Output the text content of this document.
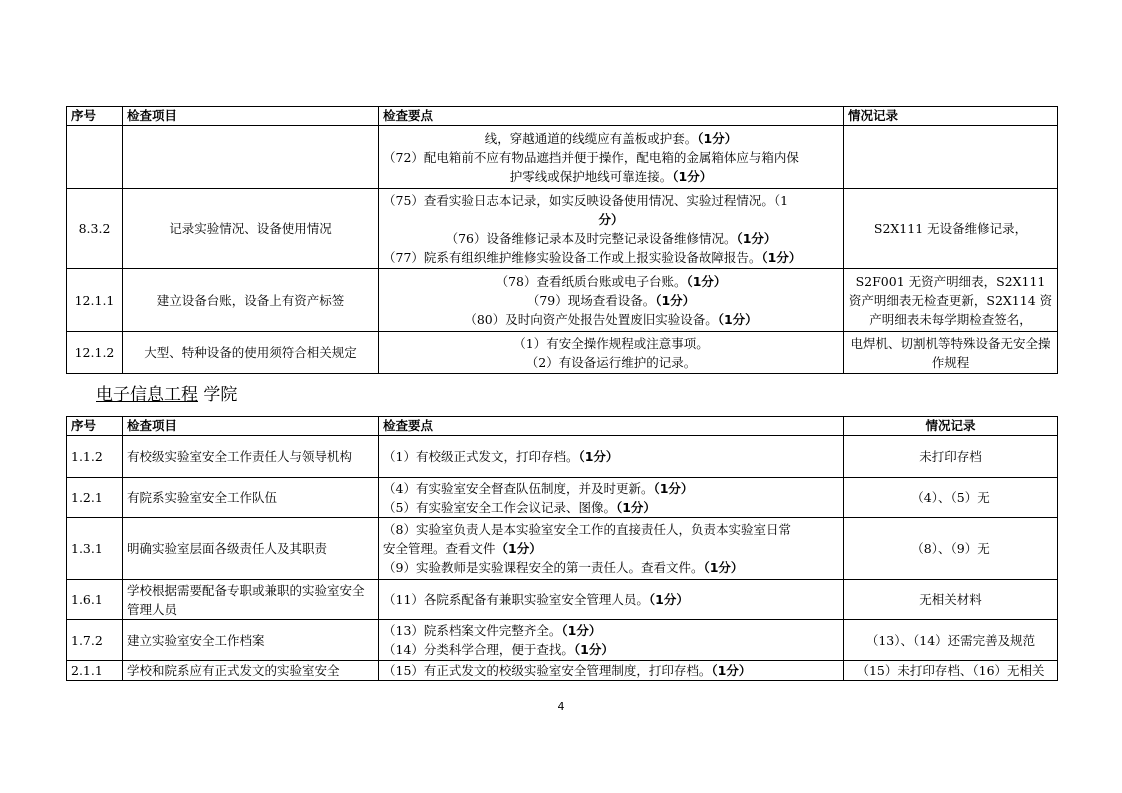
序号	检查项目	检查要点	情况记录

		线，穿越通道的线缆应有盖板或护套。（1分）
（72）配电箱前不应有物品遮挡并便于操作，配电箱的金属箱体应与箱内保
护零线或保护地线可靠连接。（1分）	

8.3.2	记录实验情况、设备使用情况	（75）查看实验日志本记录，如实反映设备使用情况、实验过程情况。（1
分）
（76）设备维修记录本及时完整记录设备维修情况。（1分）
（77）院系有组织维护维修实验设备工作或上报实验设备故障报告。（1分）	S2X111 无设备维修记录，
12.1.1	建立设备台账，设备上有资产标签	（78）查看纸质台账或电子台账。（1分）
（79）现场查看设备。（1分）
（80）及时向资产处报告处置废旧实验设备。（1分）	S2F001 无资产明细表，S2X111 资产明细表无检查更新，S2X114 资产明细表未每学期检查签名，
12.1.2	大型、特种设备的使用须符合相关规定	（1）有安全操作规程或注意事项。
（2）有设备运行维护的记录。	电焊机、切割机等特殊设备无安全操作规程
电子信息工程 学院
序号	检查项目	检查要点	情况记录
1.1.2	有校级实验室安全工作责任人与领导机构	（1）有校级正式发文，打印存档。（1分）	未打印存档
1.2.1	有院系实验室安全工作队伍	（4）有实验室安全督查队伍制度，并及时更新。（1分）
（5）有实验室安全工作会议记录、图像。（1分）	（4）、（5）无
1.3.1	明确实验室层面各级责任人及其职责	（8）实验室负责人是本实验室安全工作的直接责任人，负责本实验室日常
安全管理。查看文件（1分）
（9）实验教师是实验课程安全的第一责任人。查看文件。（1分）	（8）、（9）无
1.6.1	学校根据需要配备专职或兼职的实验室安全管理人员	（11）各院系配备有兼职实验室安全管理人员。（1分）	无相关材料
1.7.2	建立实验室安全工作档案	（13）院系档案文件完整齐全。（1分）
（14）分类科学合理，便于查找。（1分）	（13）、（14）还需完善及规范
2.1.1	学校和院系应有正式发文的实验室安全	（15）有正式发文的校级实验室安全管理制度，打印存档。（1分）	（15）未打印存档、（16）无相关
4
